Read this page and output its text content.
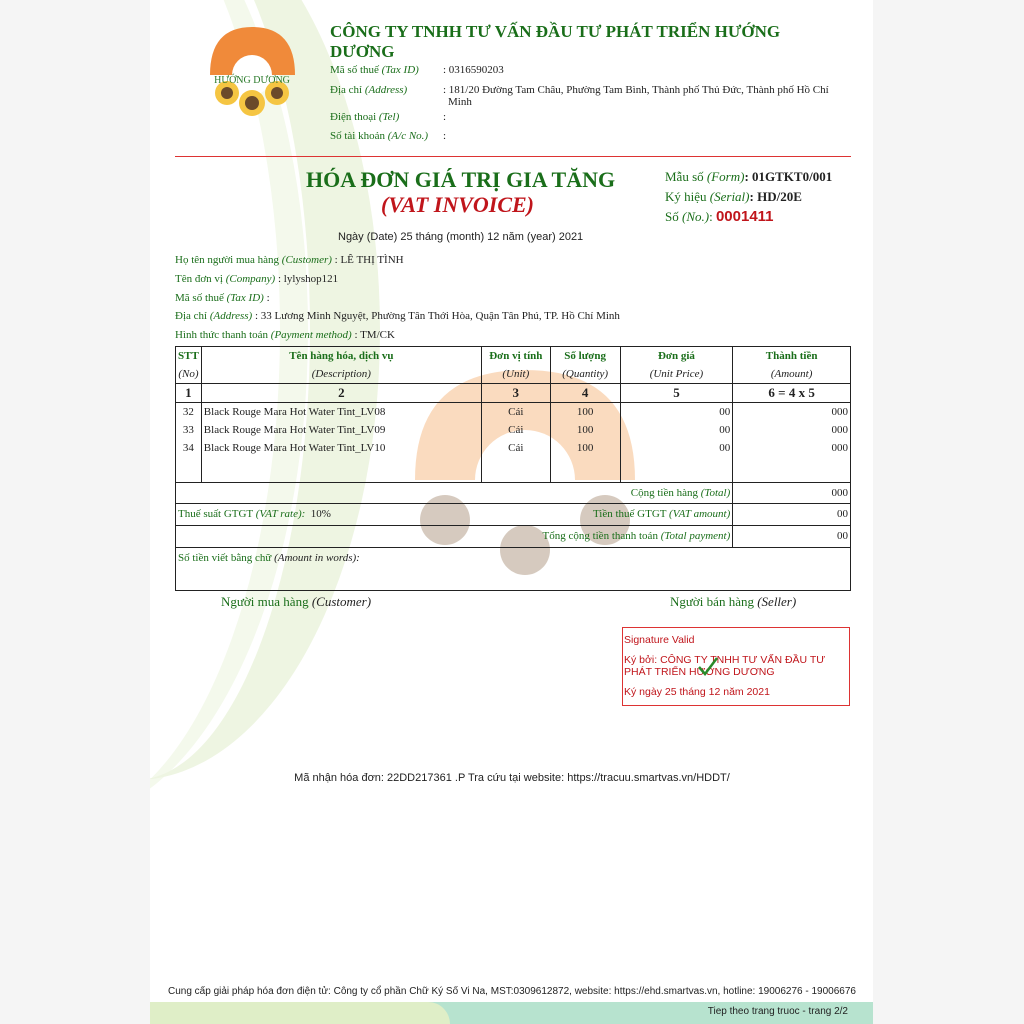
HƯỚNG DƯƠNG
CÔNG TY TNHH TƯ VẤN ĐẦU TƯ PHÁT TRIỂN HƯỚNG
DƯƠNG
Mã số thuế (Tax ID) : 0316590203
Địa chỉ (Address)	: 181/20 Đường Tam Châu, Phường Tam Bình, Thành phố Thủ Đức, Thành phố Hồ Chí
Minh
Điện thoại (Tel)	:
Số tài khoản (A/c No.) :
HÓA ĐƠN GIÁ TRỊ GIA TĂNG
(VAT INVOICE)
Ngày (Date) 25 tháng (month) 12 năm (year) 2021
Mẫu số (Form): 01GTKT0/001
Ký hiệu (Serial): HD/20E
Số (No.): 0001411
Họ tên người mua hàng (Customer) : LÊ THỊ TÌNH
Tên đơn vị (Company) : lylyshop121
Mã số thuế (Tax ID) :
Địa chỉ (Address) : 33 Lương Minh Nguyệt, Phường Tân Thới Hòa, Quận Tân Phú, TP. Hồ Chí Minh
Hình thức thanh toán (Payment method) : TM/CK
STT	Tên hàng hóa, dịch vụ	Đơn vị tính	Số lượng	Đơn giá	Thành tiền
(No)	(Description)	(Unit)	(Quantity)	(Unit Price)	(Amount)
1	2	3	4	5	6 = 4 x 5
32	Black Rouge Mara Hot Water Tint_LV08	Cái	100	00	000
33	Black Rouge Mara Hot Water Tint_LV09	Cái	100	00	000
34	Black Rouge Mara Hot Water Tint_LV10	Cái	100	00	000

Cộng tiền hàng (Total)					000
Thuế suất GTGT (VAT rate): 10% Tiền thuế GTGT (VAT amount)					00
Tổng cộng tiền thanh toán (Total payment)					00
Số tiền viết bằng chữ (Amount in words):					
Người mua hàng (Customer)	Người bán hàng (Seller)
Signature Valid
Ký bởi: CÔNG TY TNHH TƯ VẤN ĐẦU TƯ
PHÁT TRIỂN HƯỚNG DƯƠNG
Ký ngày 25 tháng 12 năm 2021
Mã nhận hóa đơn: 22DD217361 .P Tra cứu tại website: https://tracuu.smartvas.vn/HDDT/
Cung cấp giải pháp hóa đơn điện tử: Công ty cổ phần Chữ Ký Số Vi Na, MST:0309612872, website: https://ehd.smartvas.vn, hotline: 19006276 - 19006676
Tiep theo trang truoc - trang 2/2
